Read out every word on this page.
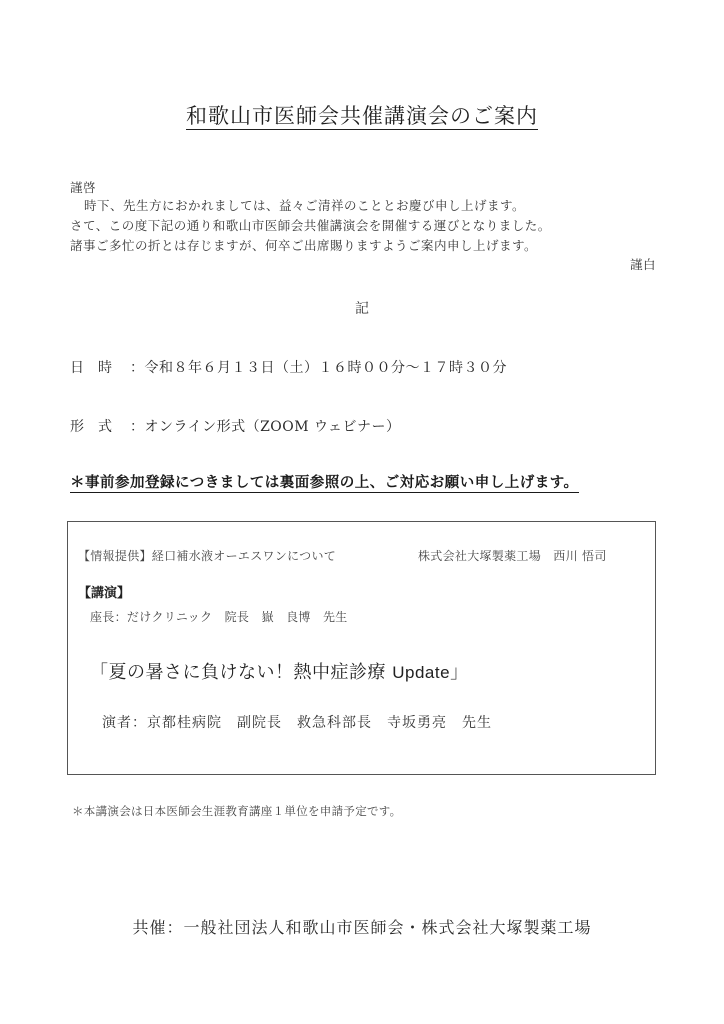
和歌山市医師会共催講演会のご案内
謹啓
時下、先生方におかれましては、益々ご清祥のこととお慶び申し上げます。
さて、この度下記の通り和歌山市医師会共催講演会を開催する運びとなりました。
諸事ご多忙の折とは存じますが、何卒ご出席賜りますようご案内申し上げます。
謹白
記
日　時 ：令和８年６月１３日（土）１６時００分～１７時３０分
形　式 ：オンライン形式（ZOOM ウェビナー）
＊事前参加登録につきましては裏面参照の上、ご対応お願い申し上げます。
【情報提供】経口補水液オーエスワンについて	株式会社大塚製薬工場　西川 悟司
【講演】
座長：だけクリニック　院長　嶽　良博　先生
「夏の暑さに負けない！熱中症診療 Update」
演者：京都桂病院　副院長　救急科部長　寺坂勇亮　先生
＊本講演会は日本医師会生涯教育講座１単位を申請予定です。
共催：一般社団法人和歌山市医師会・株式会社大塚製薬工場
